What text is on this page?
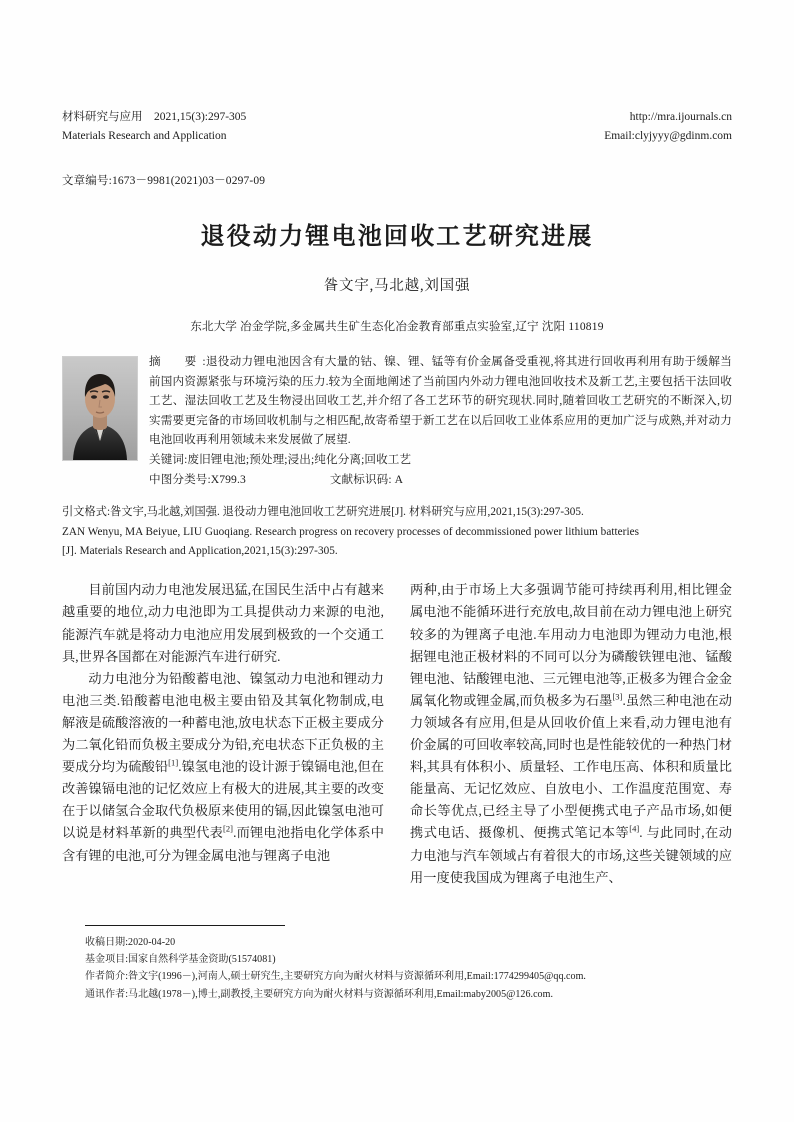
材料研究与应用　2021,15(3):297-305
Materials Research and Application
http://mra.ijournals.cn
Email:clyjyyy@gdinm.com
文章编号:1673－9981(2021)03－0297-09
退役动力锂电池回收工艺研究进展
昝文宇,马北越,刘国强
东北大学 冶金学院,多金属共生矿生态化冶金教育部重点实验室,辽宁 沈阳 110819
摘　要:退役动力锂电池因含有大量的钴、镍、锂、锰等有价金属备受重视,将其进行回收再利用有助于缓解当前国内资源紧张与环境污染的压力.较为全面地阐述了当前国内外动力锂电池回收技术及新工艺,主要包括干法回收工艺、湿法回收工艺及生物浸出回收工艺,并介绍了各工艺环节的研究现状.同时,随着回收工艺研究的不断深入,切实需要更完备的市场回收机制与之相匹配,故寄希望于新工艺在以后回收工业体系应用的更加广泛与成熟,并对动力电池回收再利用领域未来发展做了展望.
关键词:废旧锂电池;预处理;浸出;纯化分离;回收工艺
中图分类号:X799.3	文献标识码: A
引文格式:昝文宇,马北越,刘国强. 退役动力锂电池回收工艺研究进展[J]. 材料研究与应用,2021,15(3):297-305.
ZAN Wenyu, MA Beiyue, LIU Guoqiang. Research progress on recovery processes of decommissioned power lithium batteries
[J]. Materials Research and Application,2021,15(3):297-305.

目前国内动力电池发展迅猛,在国民生活中占有越来越重要的地位,动力电池即为工具提供动力来源的电池,能源汽车就是将动力电池应用发展到极致的一个交通工具,世界各国都在对能源汽车进行研究.

动力电池分为铅酸蓄电池、镍氢动力电池和锂动力电池三类.铅酸蓄电池电极主要由铅及其氧化物制成,电解液是硫酸溶液的一种蓄电池,放电状态下正极主要成分为二氧化铅而负极主要成分为铅,充电状态下正负极的主要成分均为硫酸铅[1].镍氢电池的设计源于镍镉电池,但在改善镍镉电池的记忆效应上有极大的进展,其主要的改变在于以储氢合金取代负极原来使用的镉,因此镍氢电池可以说是材料革新的典型代表[2].而锂电池指电化学体系中含有锂的电池,可分为锂金属电池与锂离子电池

两种,由于市场上大多强调节能可持续再利用,相比锂金属电池不能循环进行充放电,故目前在动力锂电池上研究较多的为锂离子电池.车用动力电池即为锂动力电池,根据锂电池正极材料的不同可以分为磷酸铁锂电池、锰酸锂电池、钴酸锂电池、三元锂电池等,正极多为锂合金金属氧化物或锂金属,而负极多为石墨[3].虽然三种电池在动力领域各有应用,但是从回收价值上来看,动力锂电池有价金属的可回收率较高,同时也是性能较优的一种热门材料,其具有体积小、质量轻、工作电压高、体积和质量比能量高、无记忆效应、自放电小、工作温度范围宽、寿命长等优点,已经主导了小型便携式电子产品市场,如便携式电话、摄像机、便携式笔记本等[4]. 与此同时,在动力电池与汽车领域占有着很大的市场,这些关键领域的应用一度使我国成为锂离子电池生产、

收稿日期:2020-04-20
基金项目:国家自然科学基金资助(51574081)
作者简介:昝文宇(1996－),河南人,硕士研究生,主要研究方向为耐火材料与资源循环利用,Email:1774299405@qq.com.
通讯作者:马北越(1978－),博士,副教授,主要研究方向为耐火材料与资源循环利用,Email:maby2005@126.com.
